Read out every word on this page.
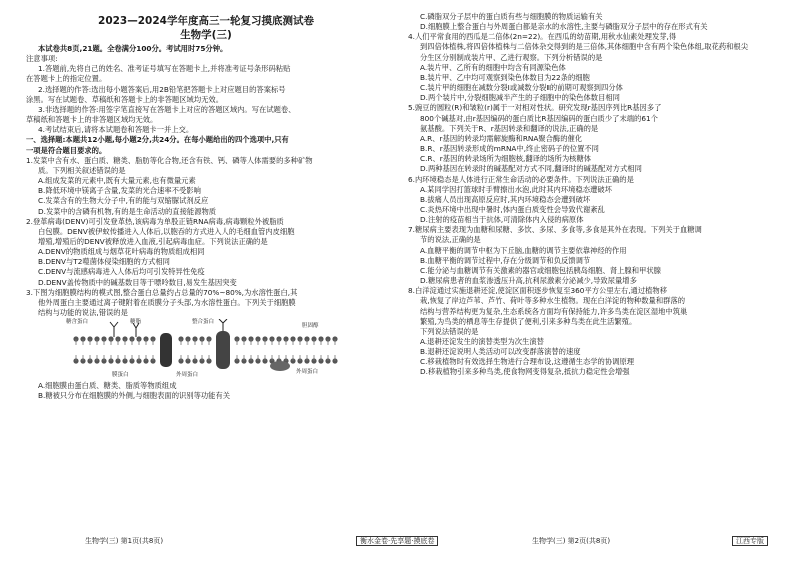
2023—2024学年度高三一轮复习摸底测试卷
生物学(三)
本试卷共8页,21题。全卷满分100分。考试用时75分钟。
注意事项:
1.答题前,先将自己的姓名、准考证号填写在答题卡上,并将准考证号条形码粘贴
在答题卡上的指定位置。
2.选择题的作答:选出每小题答案后,用2B铅笔把答题卡上对应题目的答案标号
涂黑。写在试题卷、草稿纸和答题卡上的非答题区域均无效。
3.非选择题的作答:用签字笔直接写在答题卡上对应的答题区域内。写在试题卷、
草稿纸和答题卡上的非答题区域均无效。
4.考试结束后,请将本试题卷和答题卡一并上交。
一、选择题:本题共12小题,每小题2分,共24分。在每小题给出的四个选项中,只有
一项是符合题目要求的。
1.发菜中含有水、蛋白质、糖类、脂肪等化合物,还含有铁、钙、磷等人体需要的多种矿物
质。下列相关叙述错误的是
A.组成发菜的元素中,既有大量元素,也有微量元素
B.降低环境中镁离子含量,发菜的光合速率不受影响
C.发菜含有的生物大分子中,有的能与双缩脲试剂反应
D.发菜中的含磷有机物,有的是生命活动的直接能源物质
2.登革病毒(DENV)可引发登革热,该病毒为单股正链RNA病毒,病毒颗粒外被脂质
白包膜。DENV被伊蚊传播进入人体后,以胞吞的方式进入人的毛细血管内皮细胞
增殖,增殖后的DENV被释放进入血液,引起病毒血症。下列说法正确的是
A.DENV的物质组成与烟草花叶病毒的物质组成相同
B.DENV与T2噬菌体侵染细胞的方式相同
C.DENV与流感病毒进入人体后均可引发特异性免疫
D.DENV盖传物质中的碱基数目等于嘌呤数目,易发生基因突变
3.下图为细胞膜结构的模式图,整合蛋白总量约占总量的70%~80%,为水溶性蛋白,其
他外周蛋白主要通过离子键附着在质膜分子头部,为水溶性蛋白。下列关于细胞膜
结构与功能的说法,错误的是
糖含蛋白	糖脂	整合蛋白
膜蛋白	外周蛋白
胆固醇
外周蛋白
A.细胞膜由蛋白质、糖类、脂质等物质组成
B.糖被只分布在细胞膜的外侧,与细胞表面的识别等功能有关
C.磷脂双分子层中的蛋白质有些与细胞膜的物质运输有关
D.细胞膜上整合蛋白与外周蛋白都是亲水的水溶性,主要与磷脂双分子层中的存在形式有关
4.人们平常食用的西瓜是二倍体(2n=22)。在西瓜的幼苗期,用秋水仙素处理发芽,得
到四倍体植株,将四倍体植株与二倍体杂交得到的是三倍体,其体细胞中含有两个染色体组,取花药和根尖
分生区分别制成装片甲、乙进行观察。下列分析错误的是
A.装片甲、乙所有的细胞中均含有同源染色体
B.装片甲、乙中均可观察到染色体数目为22条的细胞
C.装片甲的细胞在减数分裂Ⅰ或减数分裂Ⅱ的前期可观察到四分体
D.两个装片中,分裂细胞减半产生的子细胞中的染色体数目相同
5.豌豆的圆粒(R)和皱粒(r)属于一对相对性状。研究发现r基因序列比R基因多了
800个碱基对,由r基因编码的蛋白质比R基因编码的蛋白质少了末端的61个
氨基酸。下列关于R、r基因转录和翻译的说法,正确的是
A.R、r基因的转录均需解旋酶和RNA聚合酶的催化
B.R、r基因转录形成的mRNA中,终止密码子的位置不同
C.R、r基因的转录场所为细胞核,翻译的场所为核糖体
D.两种基因在转录时的碱基配对方式不同,翻译时的碱基配对方式相同
6.内环境稳态是人体进行正常生命活动的必要条件。下列说法正确的是
A.某同学因打篮球时手臂擦出水泡,此时其内环境稳态遭破坏
B.拔痛人员出现高原反应时,其内环境稳态会遭到破坏
C.炎热环境中出现中暑时,体内蛋白质变性会导致代谢紊乱
D.注射的疫苗相当于抗体,可清除体内入侵的病原体
7.糖尿病主要表现为血糖和尿糖、多饮、多尿、多食等,多食是其外在表现。下列关于血糖调
节的说法,正确的是
A.血糖平衡的调节中枢为下丘脑,血糖的调节主要依靠神经的作用
B.血糖平衡的调节过程中,存在分级调节和负反馈调节
C.能分泌与血糖调节有关激素的器官或细胞包括胰岛细胞、肾上腺和甲状腺
D.糖尿病患者的血浆渗透压升高,抗利尿激素分泌减少,导致尿量增多
8.白洋淀通过实施退耕还淀,使淀区面积逐步恢复至360平方公里左右,通过植物移
栽,恢复了岸边芦苇、芦竹、荷叶等多种水生植物。现在白洋淀的物种数量和群落的
结构与营养结构更为复杂,生态系统各方面均有保持能力,许多鸟类在淀区湿地中筑巢
繁殖,为鸟类的栖息等生存提供了便利,引来多种鸟类在此生活繁殖。
下列说法错误的是
A.退耕还淀发生的演替类型为次生演替
B.退耕还淀说明人类活动可以改变群落演替的速度
C.移栽植物时有效选择生物进行合理布设,这遵循生态学的协调原理
D.移栽植物引来多种鸟类,使食物网变得复杂,抵抗力稳定性会增强
生物学(三) 第1页(共8页)	衡水金卷·先享题·摸底卷	生物学(三) 第2页(共8页)	江西专版
